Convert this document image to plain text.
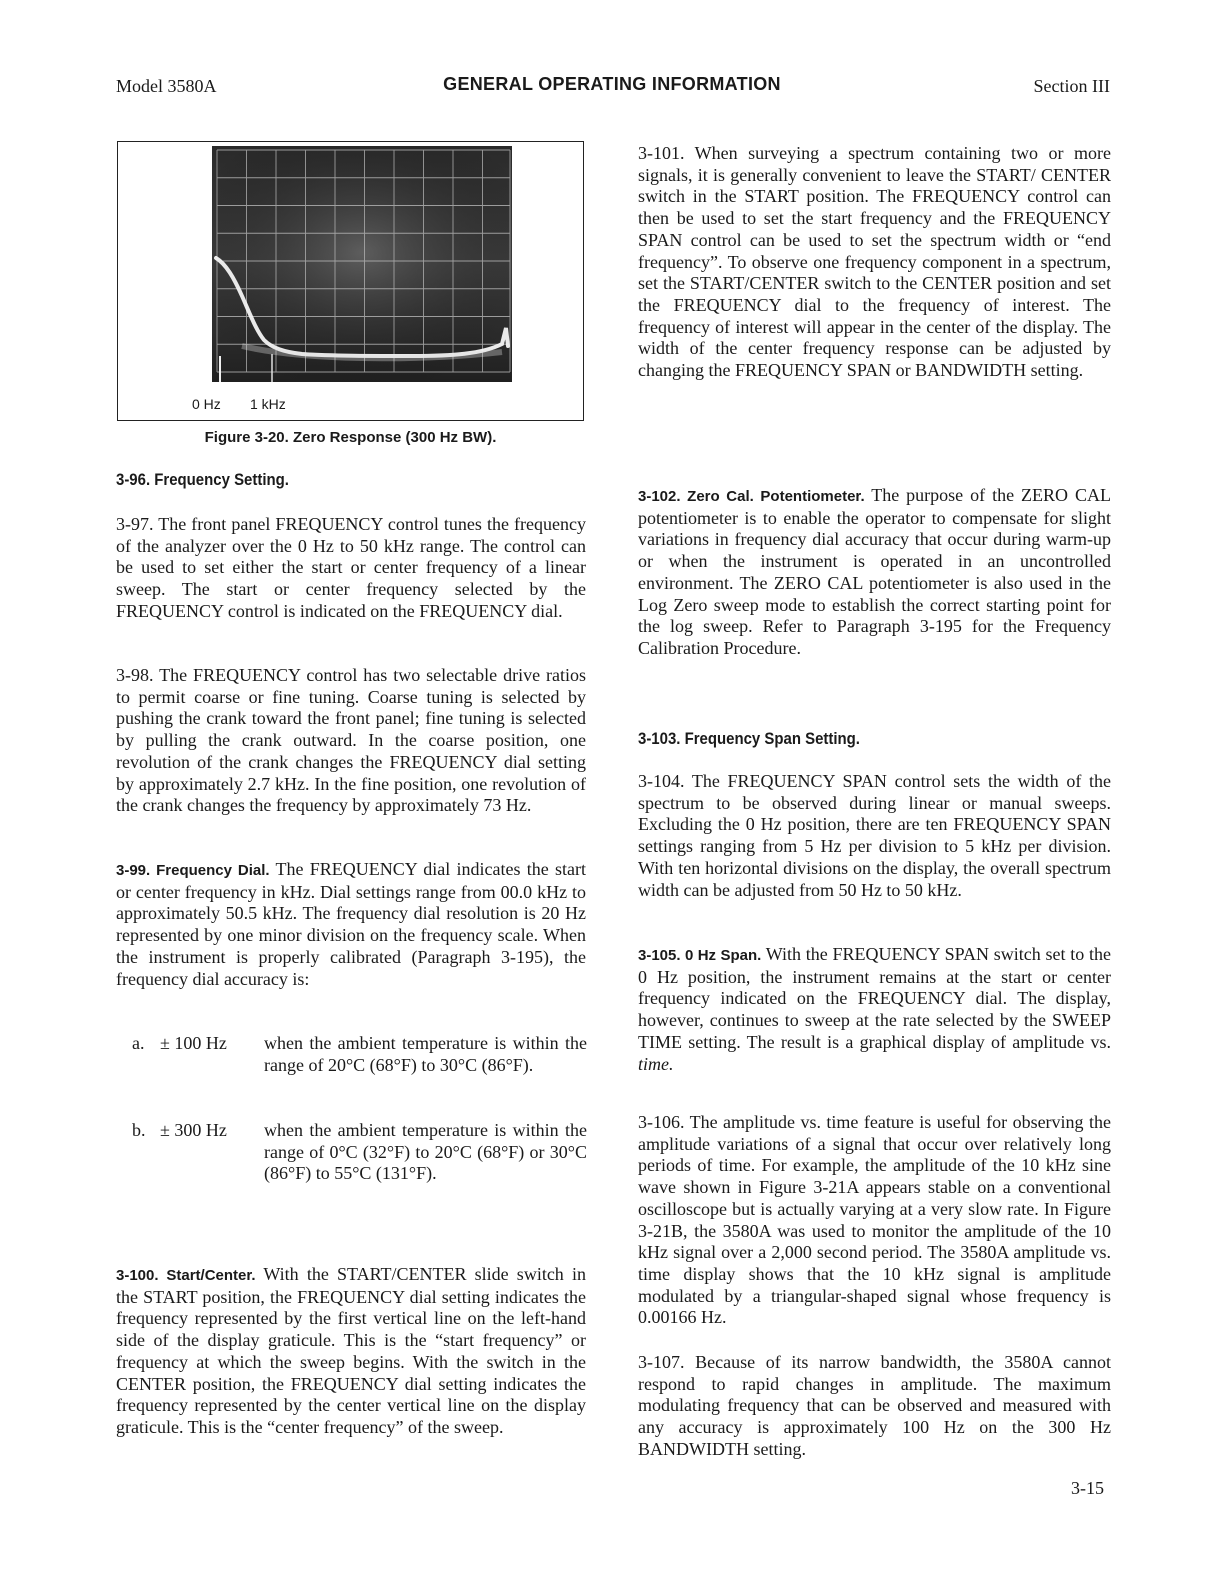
Model 3580A	GENERAL OPERATING INFORMATION	Section III
0 Hz 1 kHz
Figure 3-20. Zero Response (300 Hz BW).
3-96. Frequency Setting.

3-97. The front panel FREQUENCY control tunes the frequency of the analyzer over the 0 Hz to 50 kHz range. The control can be used to set either the start or center frequency of a linear sweep. The start or center frequency selected by the FREQUENCY control is indicated on the FREQUENCY dial.

3-98. The FREQUENCY control has two selectable drive ratios to permit coarse or fine tuning. Coarse tuning is selected by pushing the crank toward the front panel; fine tuning is selected by pulling the crank outward. In the coarse position, one revolution of the crank changes the FREQUENCY dial setting by approximately 2.7 kHz. In the fine position, one revolution of the crank changes the frequency by approximately 73 Hz.

3-99. Frequency Dial. The FREQUENCY dial indicates the start or center frequency in kHz. Dial settings range from 00.0 kHz to approximately 50.5 kHz. The frequency dial resolution is 20 Hz represented by one minor division on the frequency scale. When the instrument is properly calibrated (Paragraph 3-195), the frequency dial accuracy is:

a. ± 100 Hz when the ambient temperature is within the range of 20°C (68°F) to 30°C (86°F).
b. ± 300 Hz when the ambient temperature is within the range of 0°C (32°F) to 20°C (68°F) or 30°C (86°F) to 55°C (131°F).

3-100. Start/Center. With the START/CENTER slide switch in the START position, the FREQUENCY dial setting indicates the frequency represented by the first vertical line on the left-hand side of the display graticule. This is the “start frequency” or frequency at which the sweep begins. With the switch in the CENTER position, the FREQUENCY dial setting indicates the frequency represented by the center vertical line on the display graticule. This is the “center frequency” of the sweep.

3-101. When surveying a spectrum containing two or more signals, it is generally convenient to leave the START/ CENTER switch in the START position. The FREQUENCY control can then be used to set the start frequency and the FREQUENCY SPAN control can be used to set the spectrum width or “end frequency”. To observe one frequency component in a spectrum, set the START/CENTER switch to the CENTER position and set the FREQUENCY dial to the frequency of interest. The frequency of interest will appear in the center of the display. The width of the center frequency response can be adjusted by changing the FREQUENCY SPAN or BANDWIDTH setting.

3-102. Zero Cal. Potentiometer. The purpose of the ZERO CAL potentiometer is to enable the operator to compensate for slight variations in frequency dial accuracy that occur during warm-up or when the instrument is operated in an uncontrolled environment. The ZERO CAL potentiometer is also used in the Log Zero sweep mode to establish the correct starting point for the log sweep. Refer to Paragraph 3-195 for the Frequency Calibration Procedure.

3-103. Frequency Span Setting.

3-104. The FREQUENCY SPAN control sets the width of the spectrum to be observed during linear or manual sweeps. Excluding the 0 Hz position, there are ten FREQUENCY SPAN settings ranging from 5 Hz per division to 5 kHz per division. With ten horizontal divisions on the display, the overall spectrum width can be adjusted from 50 Hz to 50 kHz.

3-105. 0 Hz Span. With the FREQUENCY SPAN switch set to the 0 Hz position, the instrument remains at the start or center frequency indicated on the FREQUENCY dial. The display, however, continues to sweep at the rate selected by the SWEEP TIME setting. The result is a graphical display of amplitude vs. time.

3-106. The amplitude vs. time feature is useful for observing the amplitude variations of a signal that occur over relatively long periods of time. For example, the amplitude of the 10 kHz sine wave shown in Figure 3-21A appears stable on a conventional oscilloscope but is actually varying at a very slow rate. In Figure 3-21B, the 3580A was used to monitor the amplitude of the 10 kHz signal over a 2,000 second period. The 3580A amplitude vs. time display shows that the 10 kHz signal is amplitude modulated by a triangular-shaped signal whose frequency is 0.00166 Hz.

3-107. Because of its narrow bandwidth, the 3580A cannot respond to rapid changes in amplitude. The maximum modulating frequency that can be observed and measured with any accuracy is approximately 100 Hz on the 300 Hz BANDWIDTH setting.

3-15
